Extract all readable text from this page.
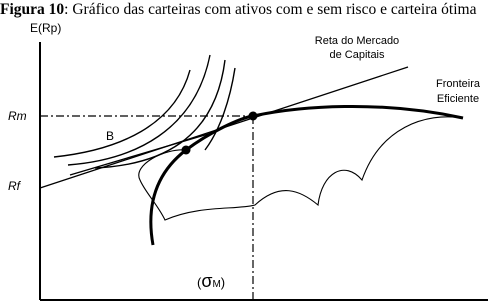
Figura 10: Gráfico das carteiras com ativos com e sem risco e carteira ótima
E(Rp)
Reta do Mercado
de Capitais
Fronteira
Eficiente
Rm
Rf
B
(σM)
